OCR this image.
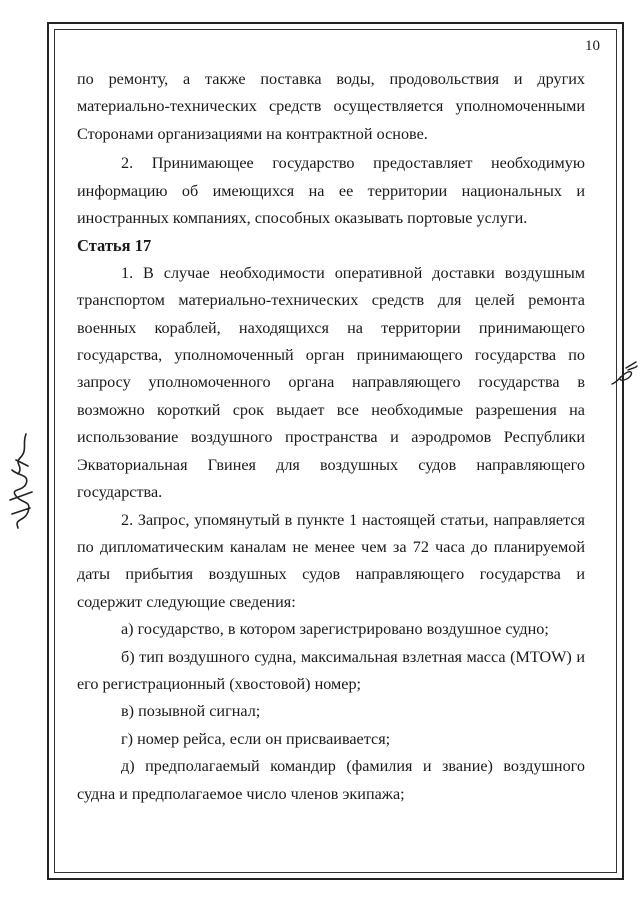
10

по ремонту, а также поставка воды, продовольствия и других материально-технических средств осуществляется уполномоченными Сторонами организациями на контрактной основе.

2. Принимающее государство предоставляет необходимую информацию об имеющихся на ее территории национальных и иностранных компаниях, способных оказывать портовые услуги.

Статья 17

1. В случае необходимости оперативной доставки воздушным транспортом материально-технических средств для целей ремонта военных кораблей, находящихся на территории принимающего государства, уполномоченный орган принимающего государства по запросу уполномоченного органа направляющего государства в возможно короткий срок выдает все необходимые разрешения на использование воздушного пространства и аэродромов Республики Экваториальная Гвинея для воздушных судов направляющего государства.

2. Запрос, упомянутый в пункте 1 настоящей статьи, направляется по дипломатическим каналам не менее чем за 72 часа до планируемой даты прибытия воздушных судов направляющего государства и содержит следующие сведения:

а) государство, в котором зарегистрировано воздушное судно;

б) тип воздушного судна, максимальная взлетная масса (MTOW) и его регистрационный (хвостовой) номер;

в) позывной сигнал;

г) номер рейса, если он присваивается;

д) предполагаемый командир (фамилия и звание) воздушного судна и предполагаемое число членов экипажа;
